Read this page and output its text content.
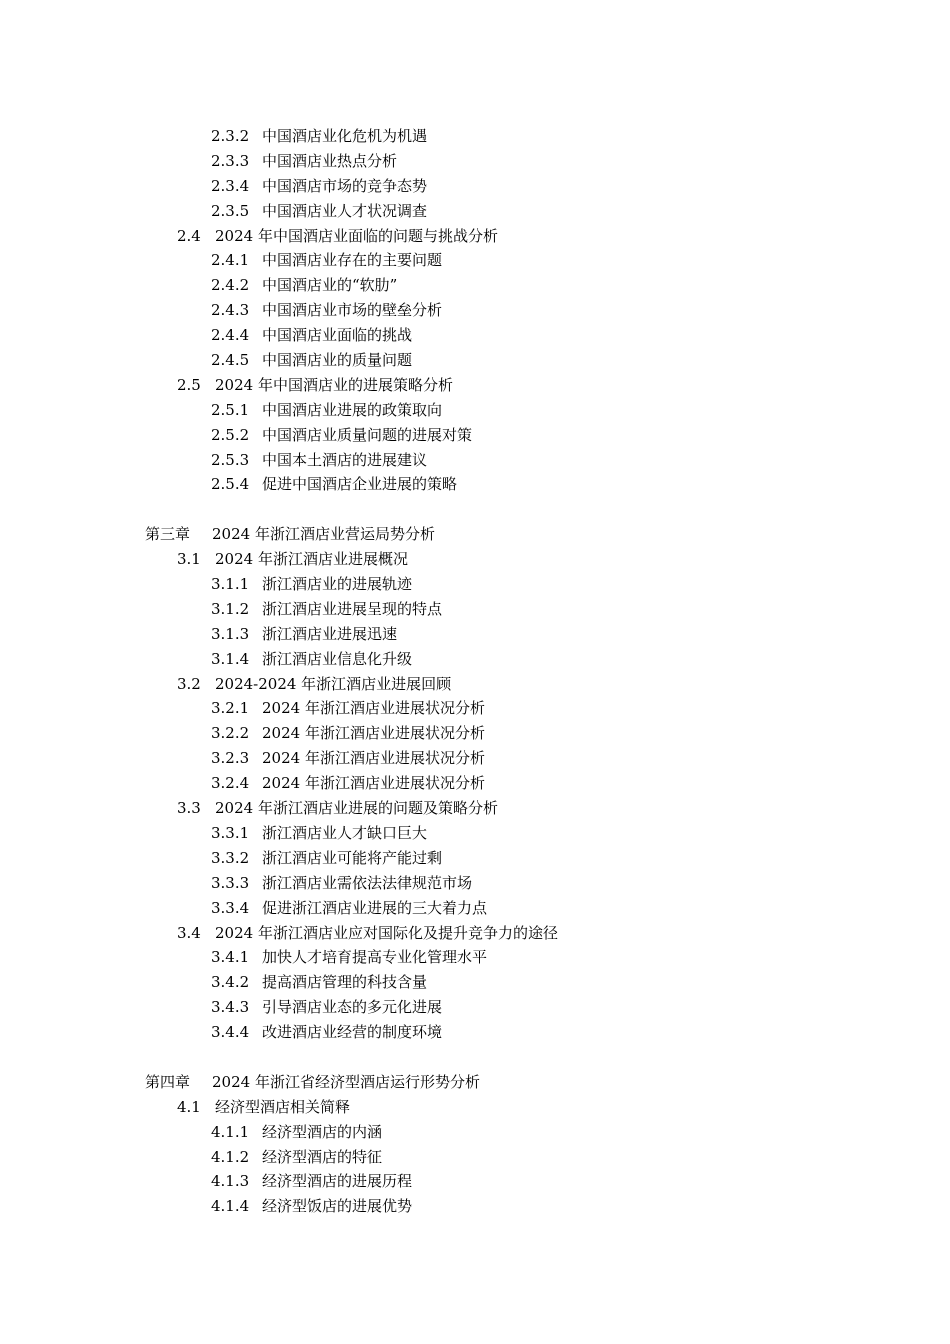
2.3.2 中国酒店业化危机为机遇
2.3.3 中国酒店业热点分析
2.3.4 中国酒店市场的竞争态势
2.3.5 中国酒店业人才状况调查
2.4 2024 年中国酒店业面临的问题与挑战分析
2.4.1 中国酒店业存在的主要问题
2.4.2 中国酒店业的“软肋”
2.4.3 中国酒店业市场的壁垒分析
2.4.4 中国酒店业面临的挑战
2.4.5 中国酒店业的质量问题
2.5 2024 年中国酒店业的进展策略分析
2.5.1 中国酒店业进展的政策取向
2.5.2 中国酒店业质量问题的进展对策
2.5.3 中国本土酒店的进展建议
2.5.4 促进中国酒店企业进展的策略
第三章 2024 年浙江酒店业营运局势分析
3.1 2024 年浙江酒店业进展概况
3.1.1 浙江酒店业的进展轨迹
3.1.2 浙江酒店业进展呈现的特点
3.1.3 浙江酒店业进展迅速
3.1.4 浙江酒店业信息化升级
3.2 2024-2024 年浙江酒店业进展回顾
3.2.1 2024 年浙江酒店业进展状况分析
3.2.2 2024 年浙江酒店业进展状况分析
3.2.3 2024 年浙江酒店业进展状况分析
3.2.4 2024 年浙江酒店业进展状况分析
3.3 2024 年浙江酒店业进展的问题及策略分析
3.3.1 浙江酒店业人才缺口巨大
3.3.2 浙江酒店业可能将产能过剩
3.3.3 浙江酒店业需依法法律规范市场
3.3.4 促进浙江酒店业进展的三大着力点
3.4 2024 年浙江酒店业应对国际化及提升竞争力的途径
3.4.1 加快人才培育提高专业化管理水平
3.4.2 提高酒店管理的科技含量
3.4.3 引导酒店业态的多元化进展
3.4.4 改进酒店业经营的制度环境
第四章 2024 年浙江省经济型酒店运行形势分析
4.1 经济型酒店相关简释
4.1.1 经济型酒店的内涵
4.1.2 经济型酒店的特征
4.1.3 经济型酒店的进展历程
4.1.4 经济型饭店的进展优势
